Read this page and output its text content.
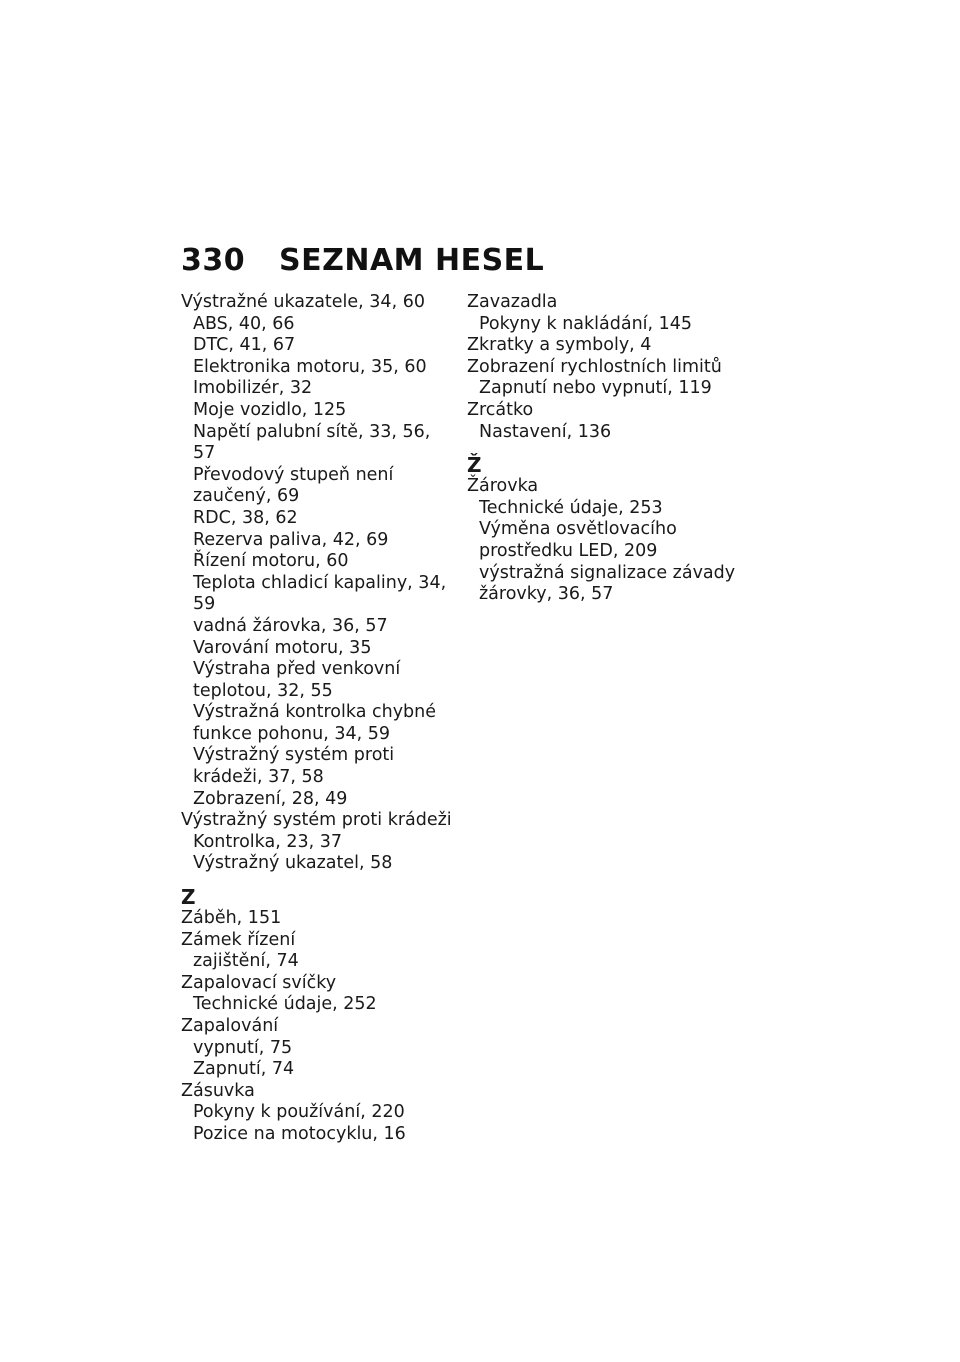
330	SEZNAM HESEL
Výstražné ukazatele, 34, 60
ABS, 40, 66
DTC, 41, 67
Elektronika motoru, 35, 60
Imobilizér, 32
Moje vozidlo, 125
Napětí palubní sítě, 33, 56,
57
Převodový stupeň není
zaučený, 69
RDC, 38, 62
Rezerva paliva, 42, 69
Řízení motoru, 60
Teplota chladicí kapaliny, 34,
59
vadná žárovka, 36, 57
Varování motoru, 35
Výstraha před venkovní
teplotou, 32, 55
Výstražná kontrolka chybné
funkce pohonu, 34, 59
Výstražný systém proti
krádeži, 37, 58
Zobrazení, 28, 49
Výstražný systém proti krádeži
Kontrolka, 23, 37
Výstražný ukazatel, 58
Z
Záběh, 151
Zámek řízení
zajištění, 74
Zapalovací svíčky
Technické údaje, 252
Zapalování
vypnutí, 75
Zapnutí, 74
Zásuvka
Pokyny k používání, 220
Pozice na motocyklu, 16
Zavazadla
Pokyny k nakládání, 145
Zkratky a symboly, 4
Zobrazení rychlostních limitů
Zapnutí nebo vypnutí, 119
Zrcátko
Nastavení, 136
Ž
Žárovka
Technické údaje, 253
Výměna osvětlovacího
prostředku LED, 209
výstražná signalizace závady
žárovky, 36, 57
